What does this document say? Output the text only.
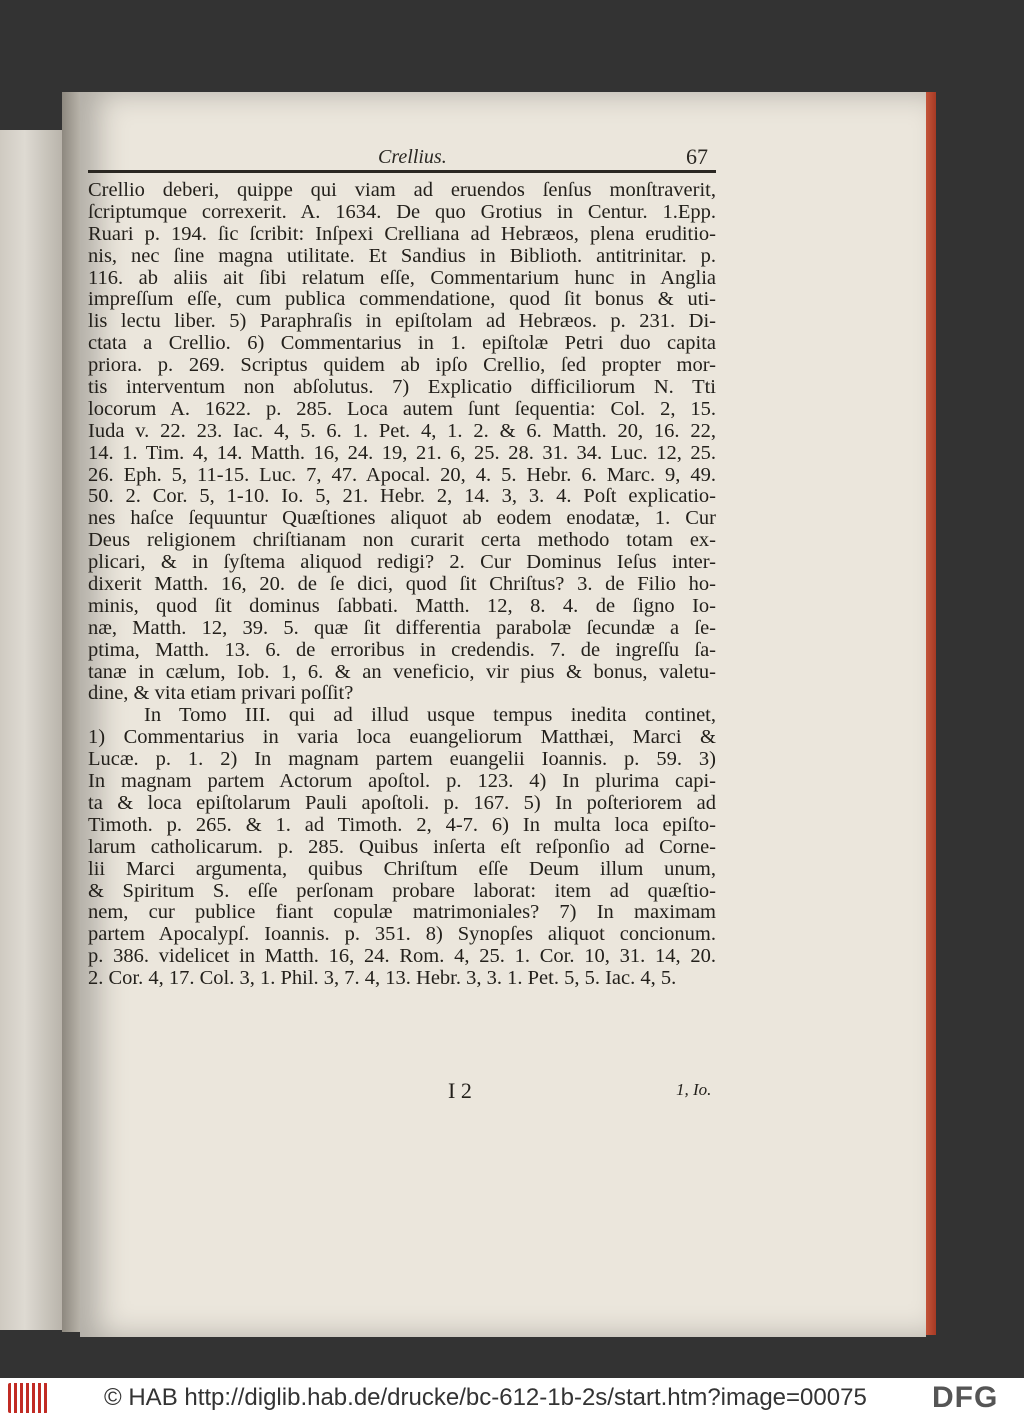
Crellius.	67
Crellio deberi, quippe qui viam ad eruendos ſenſus monſtraverit,
ſcriptumque correxerit. A. 1634. De quo Grotius in Centur. 1.Epp.
Ruari p. 194. ſic ſcribit: Inſpexi Crelliana ad Hebræos, plena eruditio-
nis, nec ſine magna utilitate. Et Sandius in Biblioth. antitrinitar. p.
116. ab aliis ait ſibi relatum eſſe, Commentarium hunc in Anglia
impreſſum eſſe, cum publica commendatione, quod ſit bonus & uti-
lis lectu liber. 5) Paraphraſis in epiſtolam ad Hebræos. p. 231. Di-
ctata a Crellio. 6) Commentarius in 1. epiſtolæ Petri duo capita
priora. p. 269. Scriptus quidem ab ipſo Crellio, ſed propter mor-
tis interventum non abſolutus. 7) Explicatio difficiliorum N. Tti
locorum A. 1622. p. 285. Loca autem ſunt ſequentia: Col. 2, 15.
Iuda v. 22. 23. Iac. 4, 5. 6. 1. Pet. 4, 1. 2. & 6. Matth. 20, 16. 22,
14. 1. Tim. 4, 14. Matth. 16, 24. 19, 21. 6, 25. 28. 31. 34. Luc. 12, 25.
26. Eph. 5, 11-15. Luc. 7, 47. Apocal. 20, 4. 5. Hebr. 6. Marc. 9, 49.
50. 2. Cor. 5, 1-10. Io. 5, 21. Hebr. 2, 14. 3, 3. 4. Poſt explicatio-
nes haſce ſequuntur Quæſtiones aliquot ab eodem enodatæ, 1. Cur
Deus religionem chriſtianam non curarit certa methodo totam ex-
plicari, & in ſyſtema aliquod redigi? 2. Cur Dominus Ieſus inter-
dixerit Matth. 16, 20. de ſe dici, quod ſit Chriſtus? 3. de Filio ho-
minis, quod ſit dominus ſabbati. Matth. 12, 8. 4. de ſigno Io-
næ, Matth. 12, 39. 5. quæ ſit differentia parabolæ ſecundæ a ſe-
ptima, Matth. 13. 6. de erroribus in credendis. 7. de ingreſſu ſa-
tanæ in cælum, Iob. 1, 6. & an veneficio, vir pius & bonus, valetu-
dine, & vita etiam privari poſſit?
In Tomo III. qui ad illud usque tempus inedita continet,
1) Commentarius in varia loca euangeliorum Matthæi, Marci &
Lucæ. p. 1. 2) In magnam partem euangelii Ioannis. p. 59. 3)
In magnam partem Actorum apoſtol. p. 123. 4) In plurima capi-
ta & loca epiſtolarum Pauli apoſtoli. p. 167. 5) In poſteriorem ad
Timoth. p. 265. & 1. ad Timoth. 2, 4-7. 6) In multa loca epiſto-
larum catholicarum. p. 285. Quibus inſerta eſt reſponſio ad Corne-
lii Marci argumenta, quibus Chriſtum eſſe Deum illum unum,
& Spiritum S. eſſe perſonam probare laborat: item ad quæſtio-
nem, cur publice fiant copulæ matrimoniales? 7) In maximam
partem Apocalypſ. Ioannis. p. 351. 8) Synopſes aliquot concionum.
p. 386. videlicet in Matth. 16, 24. Rom. 4, 25. 1. Cor. 10, 31. 14, 20.
2. Cor. 4, 17. Col. 3, 1. Phil. 3, 7. 4, 13. Hebr. 3, 3. 1. Pet. 5, 5. Iac. 4, 5.
I 2	1, Io.
© HAB http://diglib.hab.de/drucke/bc-612-1b-2s/start.htm?image=00075 DFG
